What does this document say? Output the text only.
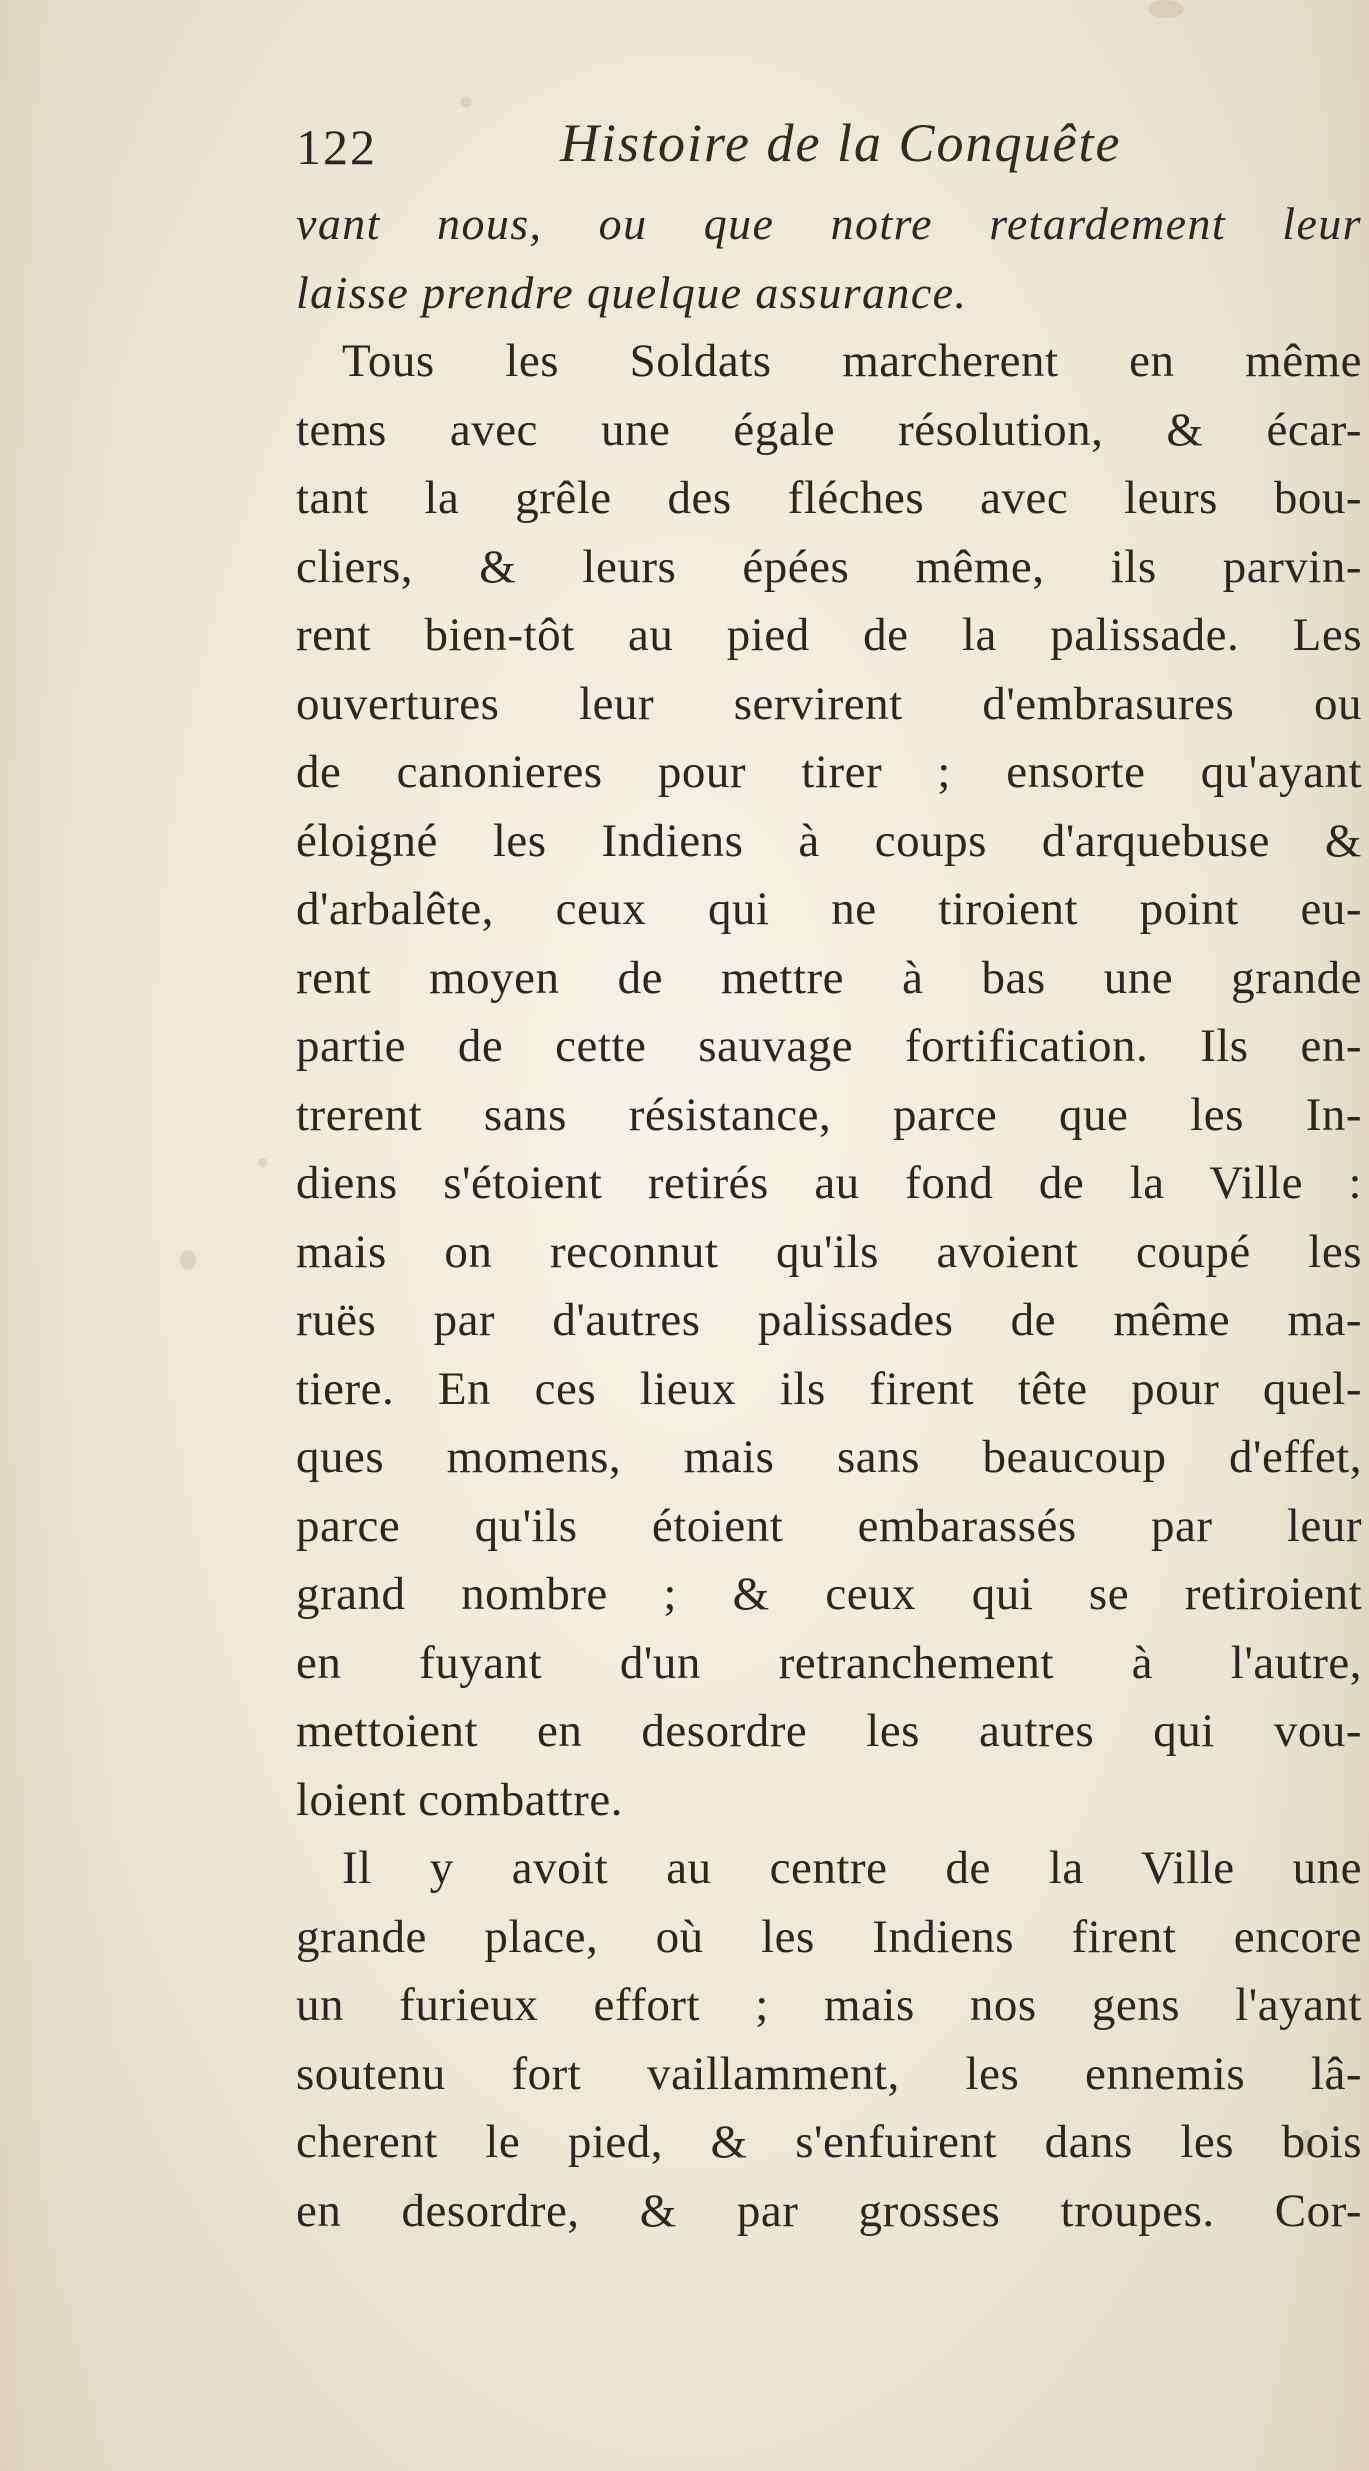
122	Histoire de la Conquête
vant nous, ou que notre retardement leur
laisse prendre quelque assurance.
Tous les Soldats marcherent en même
tems avec une égale résolution, & écar-
tant la grêle des fléches avec leurs bou-
cliers, & leurs épées même, ils parvin-
rent bien-tôt au pied de la palissade. Les
ouvertures leur servirent d'embrasures ou
de canonieres pour tirer ; ensorte qu'ayant
éloigné les Indiens à coups d'arquebuse &
d'arbalête, ceux qui ne tiroient point eu-
rent moyen de mettre à bas une grande
partie de cette sauvage fortification. Ils en-
trerent sans résistance, parce que les In-
diens s'étoient retirés au fond de la Ville :
mais on reconnut qu'ils avoient coupé les
ruës par d'autres palissades de même ma-
tiere. En ces lieux ils firent tête pour quel-
ques momens, mais sans beaucoup d'effet,
parce qu'ils étoient embarassés par leur
grand nombre ; & ceux qui se retiroient
en fuyant d'un retranchement à l'autre,
mettoient en desordre les autres qui vou-
loient combattre.
Il y avoit au centre de la Ville une
grande place, où les Indiens firent encore
un furieux effort ; mais nos gens l'ayant
soutenu fort vaillamment, les ennemis lâ-
cherent le pied, & s'enfuirent dans les bois
en desordre, & par grosses troupes. Cor-
